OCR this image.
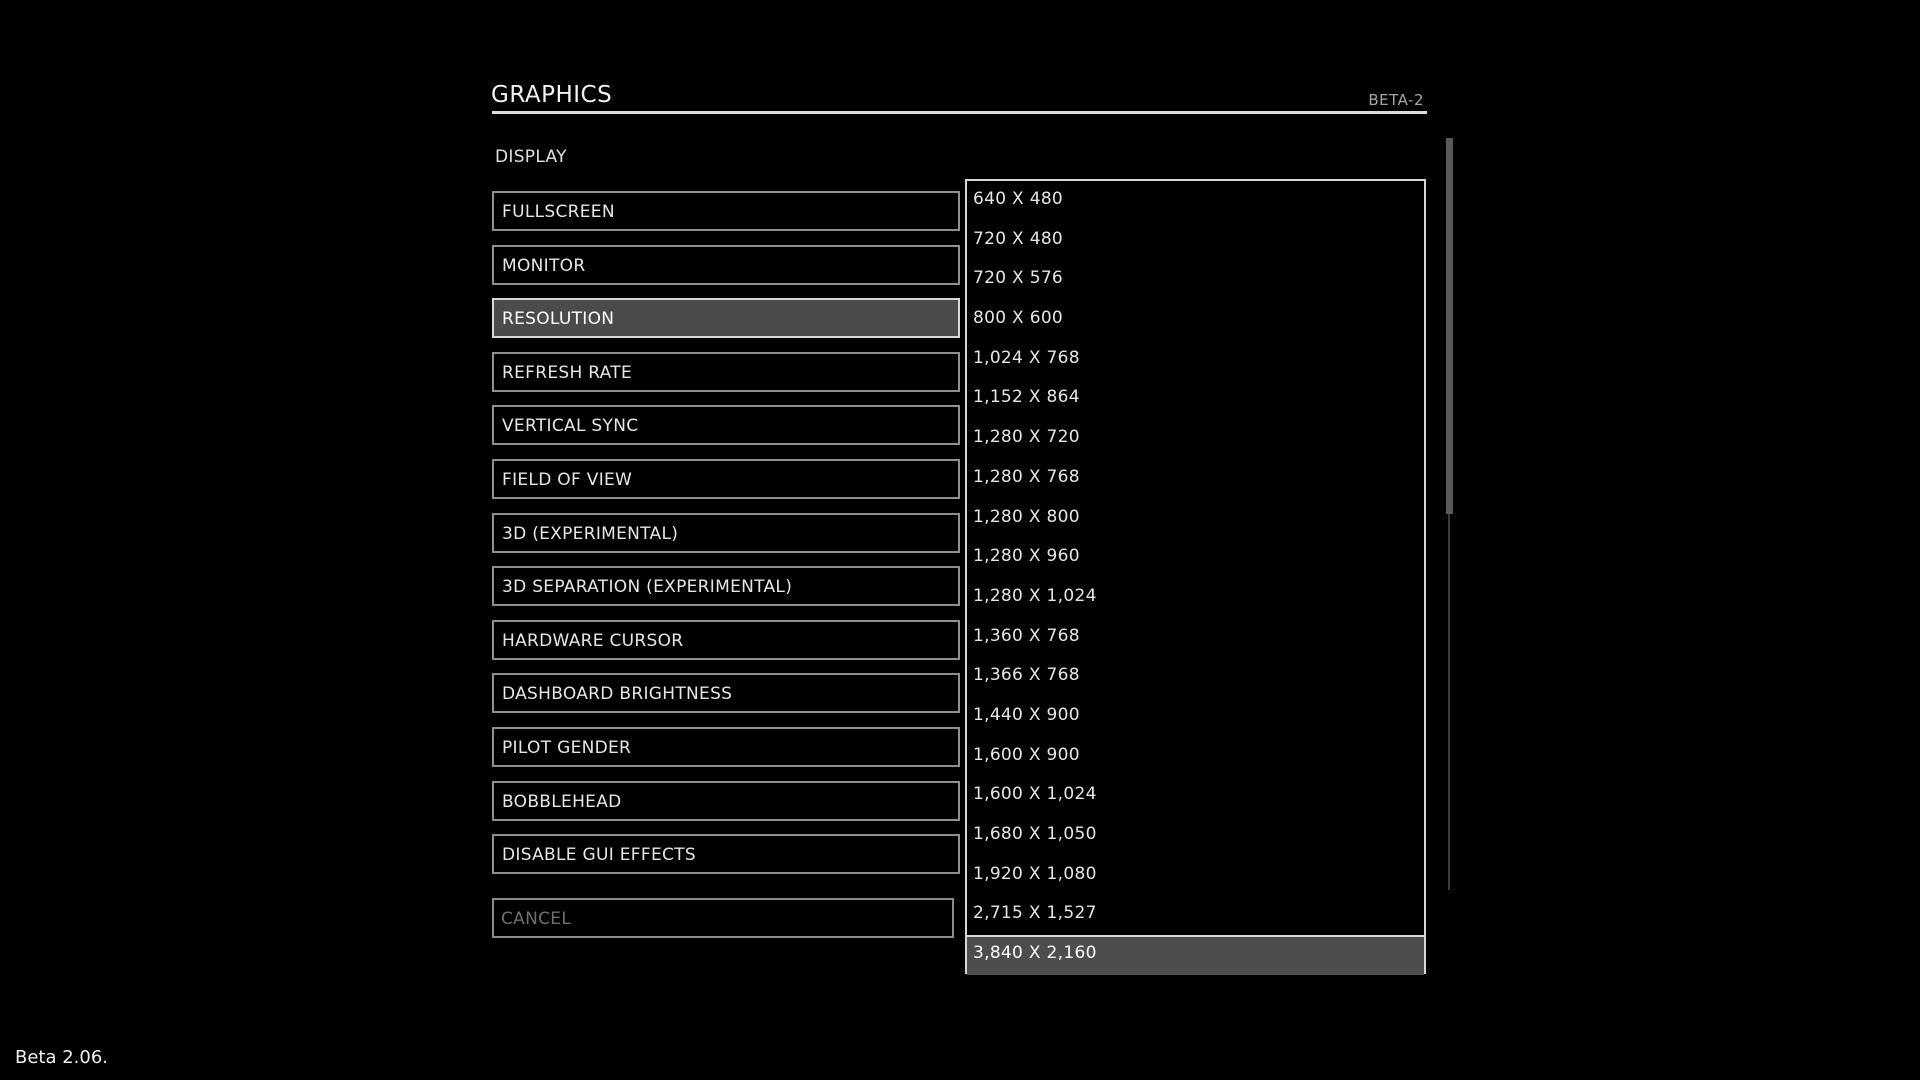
GRAPHICS	BETA-2
DISPLAY
FULLSCREEN
MONITOR
RESOLUTION
REFRESH RATE
VERTICAL SYNC
FIELD OF VIEW
3D (EXPERIMENTAL)
3D SEPARATION (EXPERIMENTAL)
HARDWARE CURSOR
DASHBOARD BRIGHTNESS
PILOT GENDER
BOBBLEHEAD
DISABLE GUI EFFECTS
CANCEL
640 X 480
720 X 480
720 X 576
800 X 600
1,024 X 768
1,152 X 864
1,280 X 720
1,280 X 768
1,280 X 800
1,280 X 960
1,280 X 1,024
1,360 X 768
1,366 X 768
1,440 X 900
1,600 X 900
1,600 X 1,024
1,680 X 1,050
1,920 X 1,080
2,715 X 1,527
3,840 X 2,160
Beta 2.06.
